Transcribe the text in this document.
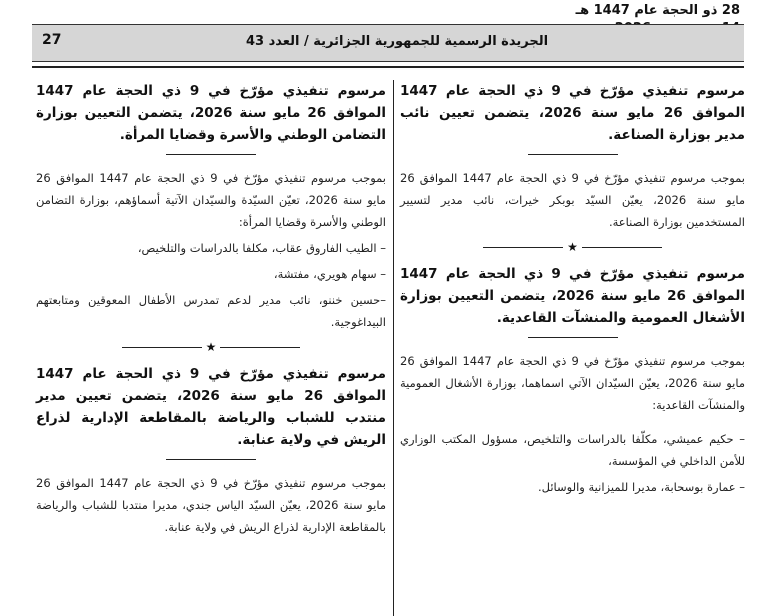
28 ذو الحجة عام 1447 هـ
27	الجريدة الرسمية للجمهورية الجزائرية / العدد 43
مرسوم تنفيذي مؤرّخ في 9 ذي الحجة عام 1447 الموافق 26 مايو سنة 2026، يتضمن تعيين نائب مدير بوزارة الصناعة.

بموجب مرسوم تنفيذي مؤرّخ في 9 ذي الحجة عام 1447 الموافق 26 مايو سنة 2026، يعيّن السيّد بوبكر خيرات، نائب مدير لتسيير المستخدمين بوزارة الصناعة.

★
مرسوم تنفيذي مؤرّخ في 9 ذي الحجة عام 1447 الموافق 26 مايو سنة 2026، يتضمن التعيين بوزارة الأشغال العمومية والمنشآت القاعدية.

بموجب مرسوم تنفيذي مؤرّخ في 9 ذي الحجة عام 1447 الموافق 26 مايو سنة 2026، يعيّن السيّدان الآتي اسماهما، بوزارة الأشغال العمومية والمنشآت القاعدية:

– حكيم عميشي، مكلّفا بالدراسات والتلخيص، مسؤول المكتب الوزاري للأمن الداخلي في المؤسسة،

– عمارة بوسحابة، مديرا للميزانية والوسائل.

مرسوم تنفيذي مؤرّخ في 9 ذي الحجة عام 1447 الموافق 26 مايو سنة 2026، يتضمن التعيين بوزارة التضامن الوطني والأسرة وقضايا المرأة.

بموجب مرسوم تنفيذي مؤرّخ في 9 ذي الحجة عام 1447 الموافق 26 مايو سنة 2026، تعيّن السيّدة والسيّدان الآتية أسماؤهم، بوزارة التضامن الوطني والأسرة وقضايا المرأة:

– الطيب الفاروق عقاب، مكلفا بالدراسات والتلخيص،

– سهام هويري، مفتشة،

–حسين خننو، نائب مدير لدعم تمدرس الأطفال المعوقين ومتابعتهم البيداغوجية.

★
مرسوم تنفيذي مؤرّخ في 9 ذي الحجة عام 1447 الموافق 26 مايو سنة 2026، يتضمن تعيين مدير منتدب للشباب والرياضة بالمقاطعة الإدارية لذراع الريش في ولاية عنابة.

بموجب مرسوم تنفيذي مؤرّخ في 9 ذي الحجة عام 1447 الموافق 26 مايو سنة 2026، يعيّن السيّد الياس جندي، مديرا منتدبا للشباب والرياضة بالمقاطعة الإدارية لذراع الريش في ولاية عنابة.
